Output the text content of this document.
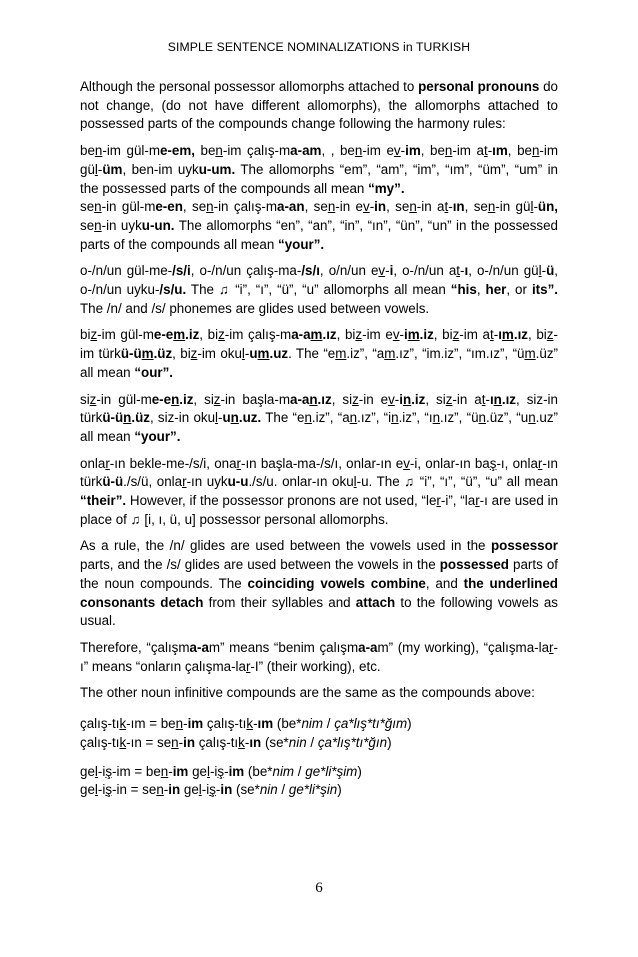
SIMPLE SENTENCE NOMINALIZATIONS in TURKISH

Although the personal possessor allomorphs attached to personal pronouns do not change, (do not have different allomorphs), the allomorphs attached to possessed parts of the compounds change following the harmony rules:

ben-im gül-me-em, ben-im çalış-ma-am, , ben-im ev-im, ben-im at-ım, ben-im gül-üm, ben-im uyku-um. The allomorphs “em”, “am”, “im”, “ım”, “üm”, “um” in the possessed parts of the compounds all mean “my”.

sen-in gül-me-en, sen-in çalış-ma-an, sen-in ev-in, sen-in at-ın, sen-in gül-ün, sen-in uyku-un. The allomorphs “en”, “an”, “in”, “ın”, “ün”, “un” in the possessed parts of the compounds all mean “your”.

o-/n/un gül-me-/s/i, o-/n/un çalış-ma-/s/ı, o/n/un ev-i, o-/n/un at-ı, o-/n/un gül-ü, o-/n/un uyku-/s/u. The ♫ “i”, “ı”, “ü”, “u” allomorphs all mean “his, her, or its”. The /n/ and /s/ phonemes are glides used between vowels.

biz-im gül-me-em.iz, biz-im çalış-ma-am.ız, biz-im ev-im.iz, biz-im at-ım.ız, biz-im türkü-üm.üz, biz-im okul-um.uz. The “em.iz”, “am.ız”, “im.iz”, “ım.ız”, “üm.üz” all mean “our”.

siz-in gül-me-en.iz, siz-in başla-ma-an.ız, siz-in ev-in.iz, siz-in at-ın.ız, siz-in türkü-ün.üz, siz-in okul-un.uz. The “en.iz”, “an.ız”, “in.iz”, “ın.ız”, “ün.üz”, “un.uz” all mean “your”.

onlar-ın bekle-me-/s/i, onar-ın başla-ma-/s/ı, onlar-ın ev-i, onlar-ın baş-ı, onlar-ın türkü-ü./s/ü, onlar-ın uyku-u./s/u. onlar-ın okul-u. The ♫ “i”, “ı”, “ü”, “u” all mean “their”. However, if the possessor pronons are not used, “ler-i”, “lar-ı are used in place of ♫ [i, ı, ü, u] possessor personal allomorphs.

As a rule, the /n/ glides are used between the vowels used in the possessor parts, and the /s/ glides are used between the vowels in the possessed parts of the noun compounds. The coinciding vowels combine, and the underlined consonants detach from their syllables and attach to the following vowels as usual.

Therefore, “çalışma-am” means “benim çalışma-am” (my working), “çalışma-lar-ı” means “onların çalışma-lar-I” (their working), etc.

The other noun infinitive compounds are the same as the compounds above:

çalış-tık-ım = ben-im çalış-tık-ım (be*nim / ça*lış*tı*ğım)

çalış-tık-ın = sen-in çalış-tık-ın (se*nin / ça*lış*tı*ğın)

gel-iş-im = ben-im gel-iş-im (be*nim / ge*li*şim)

gel-iş-in = sen-in gel-iş-in (se*nin / ge*li*şin)

6
